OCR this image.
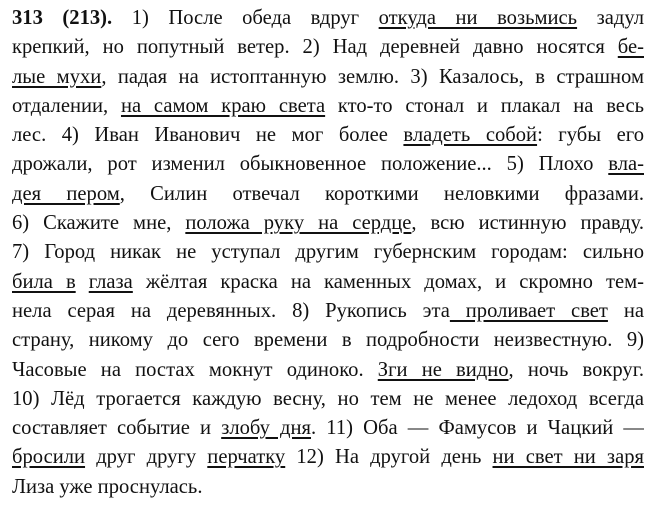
313 (213). 1) После обеда вдруг откуда ни возьмись задул
крепкий, но попутный ветер. 2) Над деревней давно носятся бе-
лые мухи, падая на истоптанную землю. 3) Казалось, в страшном
отдалении, на самом краю света кто-то стонал и плакал на весь
лес. 4) Иван Иванович не мог более владеть собой: губы его
дрожали, рот изменил обыкновенное положение... 5) Плохо вла-
дея пером, Силин отвечал короткими неловкими фразами.
6) Скажите мне, положа руку на сердце, всю истинную правду.
7) Город никак не уступал другим губернским городам: сильно
била в глаза жёлтая краска на каменных домах, и скромно тем-
нела серая на деревянных. 8) Рукопись эта проливает свет на
страну, никому до сего времени в подробности неизвестную. 9)
Часовые на постах мокнут одиноко. Зги не видно, ночь вокруг.
10) Лёд трогается каждую весну, но тем не менее ледоход всегда
составляет событие и злобу дня. 11) Оба — Фамусов и Чацкий —
бросили друг другу перчатку 12) На другой день ни свет ни заря
Лиза уже проснулась.
